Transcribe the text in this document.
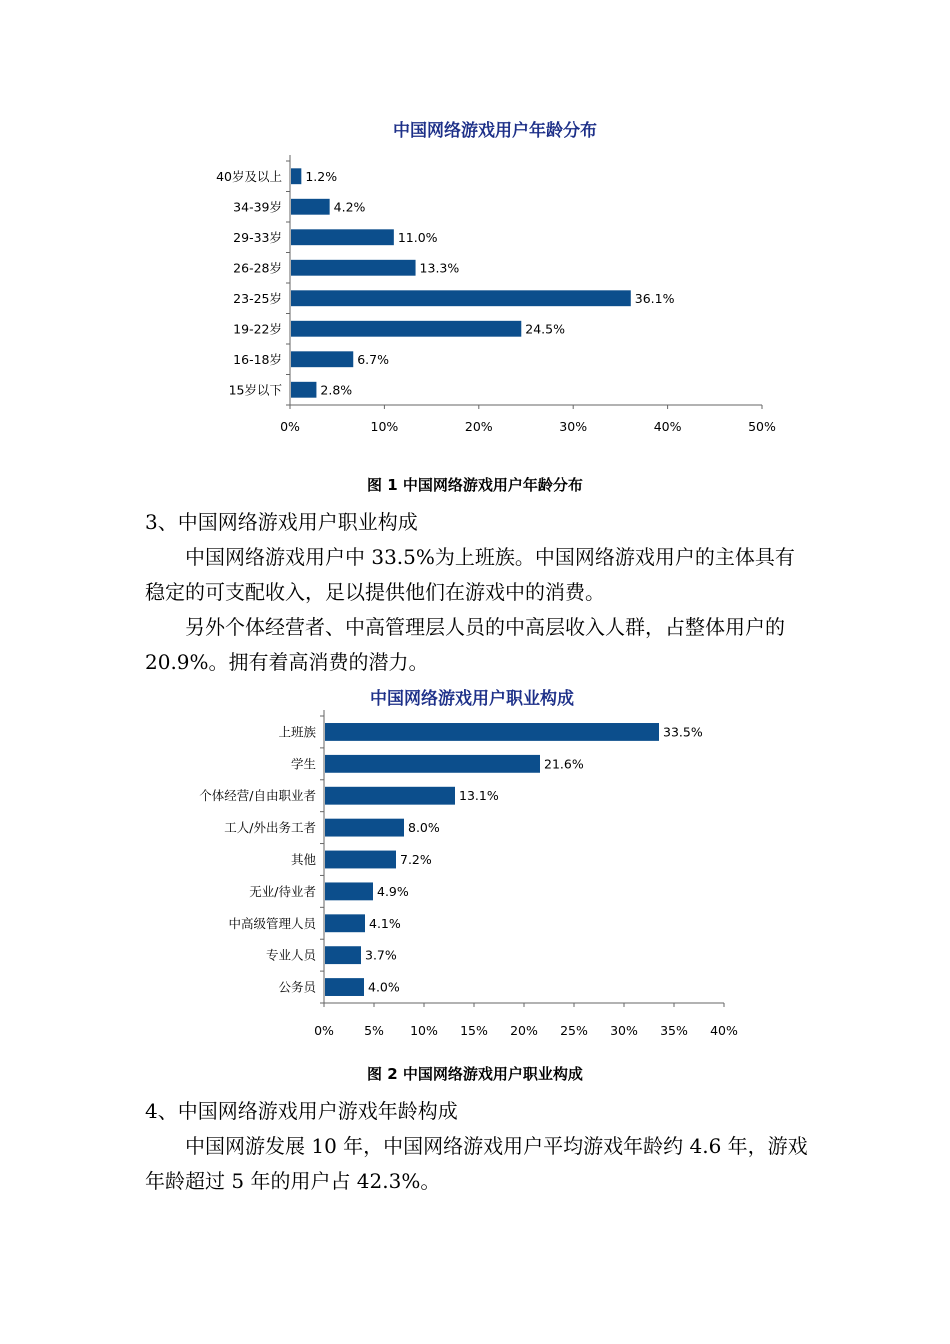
中国网络游戏用户年龄分布
0%	10%	20%	30%	40%	50%
40岁及以上 1.2%
34-39岁	4.2%
29-33岁	11.0%
26-28岁	13.3%
23-25岁	36.1%
19-22岁	24.5%
16-18岁	6.7%
15岁以下	2.8%
图 1 中国网络游戏用户年龄分布
3、中国网络游戏用户职业构成
中国网络游戏用户中 33.5%为上班族。中国网络游戏用户的主体具有稳定的可支配收入，足以提供他们在游戏中的消费。
另外个体经营者、中高管理层人员的中高层收入人群，占整体用户的 20.9%。拥有着高消费的潜力。
中国网络游戏用户职业构成
0% 5% 10% 15% 20% 25% 30% 35% 40%
上班族	33.5%
学生	21.6%
个体经营/自由职业者	13.1%
工人/外出务工者	8.0%
其他	7.2%
无业/待业者	4.9%
中高级管理人员	4.1%
专业人员	3.7%
公务员	4.0%
图 2 中国网络游戏用户职业构成
4、中国网络游戏用户游戏年龄构成
中国网游发展 10 年，中国网络游戏用户平均游戏年龄约 4.6 年，游戏年龄超过 5 年的用户占 42.3%。
